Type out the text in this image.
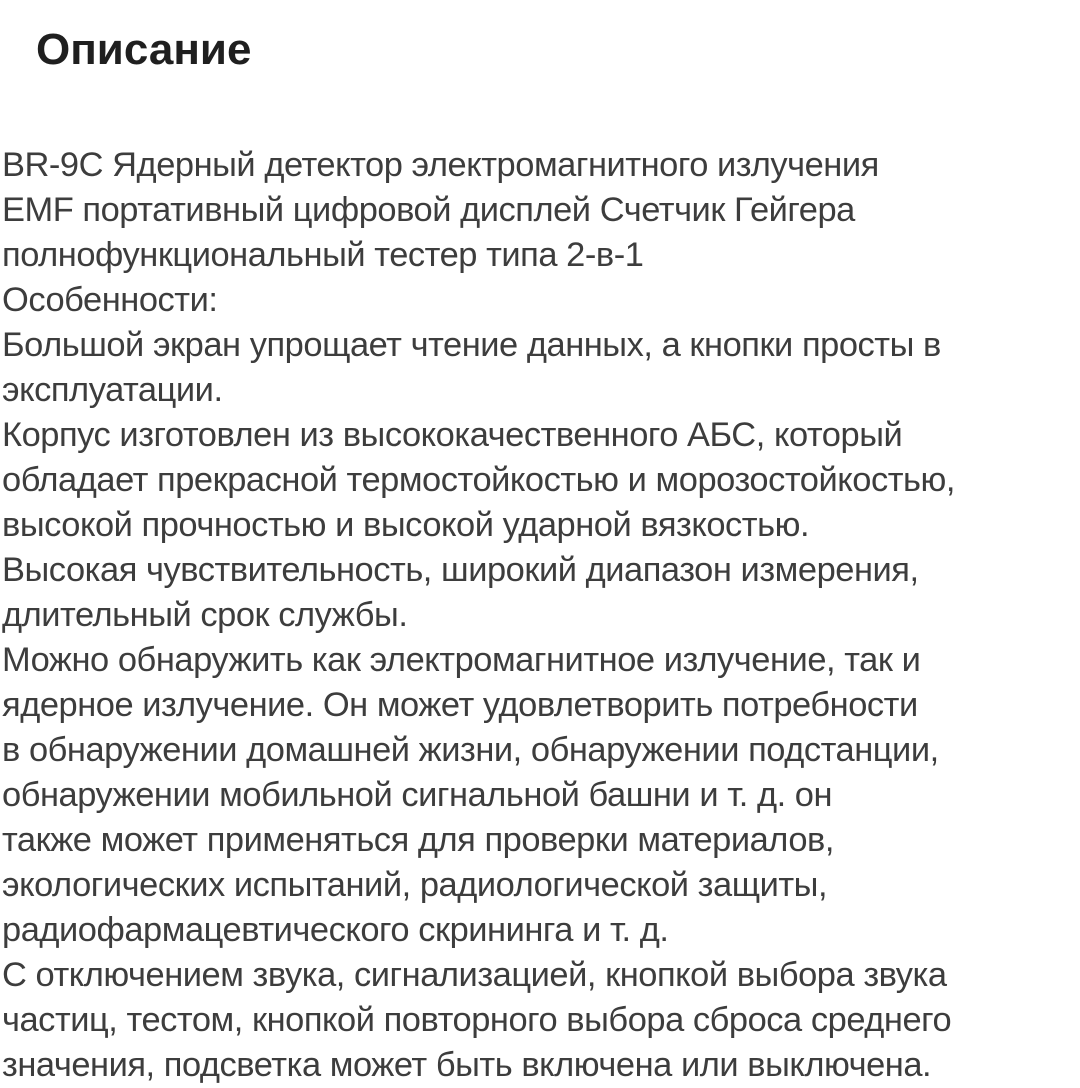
Описание
BR-9C Ядерный детектор электромагнитного излучения
EMF портативный цифровой дисплей Счетчик Гейгера
полнофункциональный тестер типа 2-в-1
Особенности:
Большой экран упрощает чтение данных, а кнопки просты в
эксплуатации.
Корпус изготовлен из высококачественного АБС, который
обладает прекрасной термостойкостью и морозостойкостью,
высокой прочностью и высокой ударной вязкостью.
Высокая чувствительность, широкий диапазон измерения,
длительный срок службы.
Можно обнаружить как электромагнитное излучение, так и
ядерное излучение. Он может удовлетворить потребности
в обнаружении домашней жизни, обнаружении подстанции,
обнаружении мобильной сигнальной башни и т. д. он
также может применяться для проверки материалов,
экологических испытаний, радиологической защиты,
радиофармацевтического скрининга и т. д.
С отключением звука, сигнализацией, кнопкой выбора звука
частиц, тестом, кнопкой повторного выбора сброса среднего
значения, подсветка может быть включена или выключена.
